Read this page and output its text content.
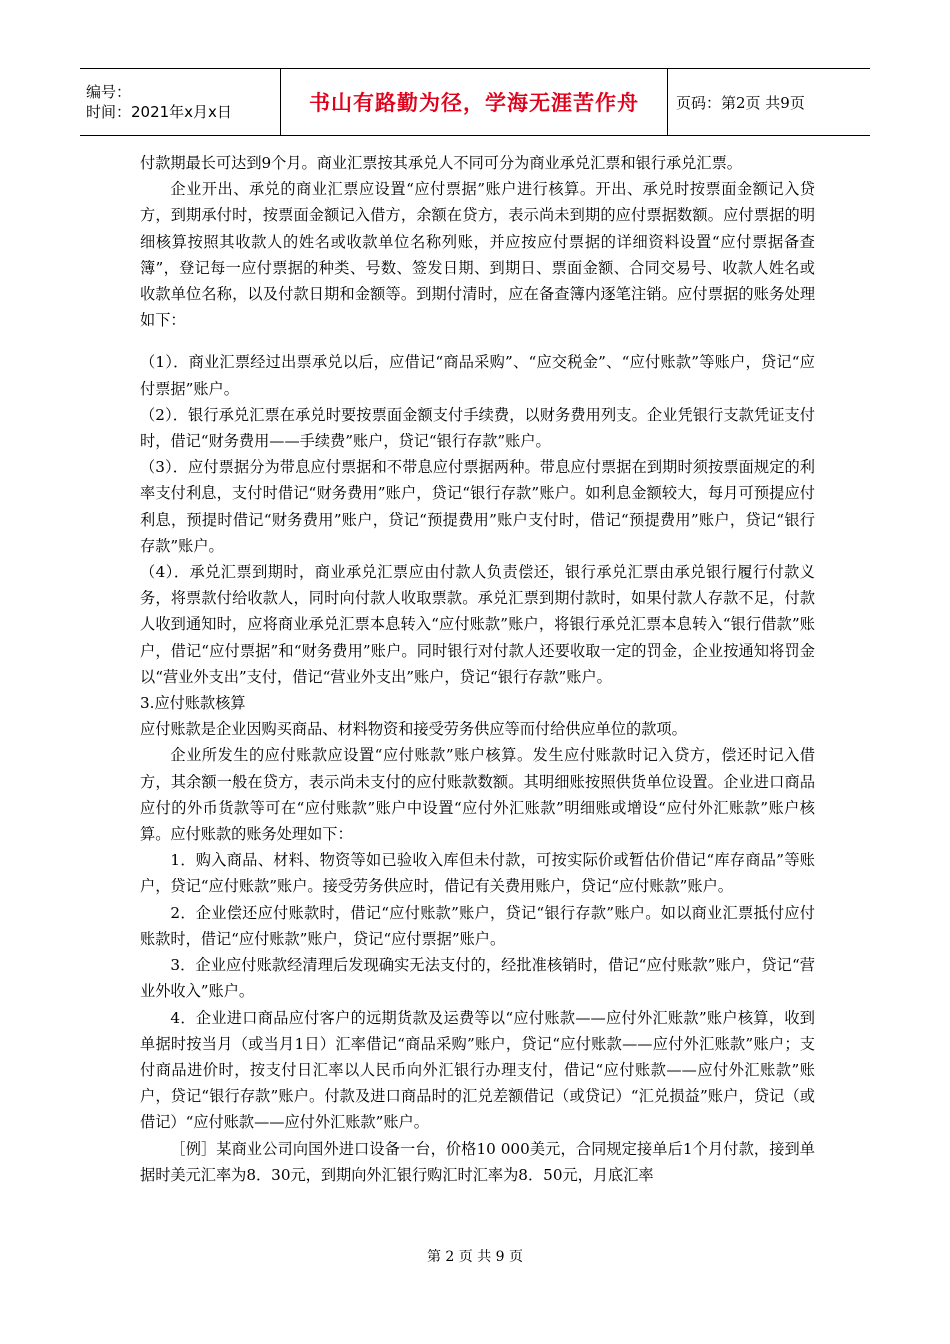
编号：
时间：2021年x月x日	书山有路勤为径，学海无涯苦作舟 页码：第2页 共9页

付款期最长可达到9个月。商业汇票按其承兑人不同可分为商业承兑汇票和银行承兑汇票。

企业开出、承兑的商业汇票应设置“应付票据”账户进行核算。开出、承兑时按票面金额记入贷方，到期承付时，按票面金额记入借方，余额在贷方，表示尚未到期的应付票据数额。应付票据的明细核算按照其收款人的姓名或收款单位名称列账，并应按应付票据的详细资料设置“应付票据备查簿”，登记每一应付票据的种类、号数、签发日期、到期日、票面金额、合同交易号、收款人姓名或收款单位名称，以及付款日期和金额等。到期付清时，应在备查簿内逐笔注销。应付票据的账务处理如下：

（1）．商业汇票经过出票承兑以后，应借记“商品采购”、“应交税金”、“应付账款”等账户，贷记“应付票据”账户。

（2）．银行承兑汇票在承兑时要按票面金额支付手续费，以财务费用列支。企业凭银行支款凭证支付时，借记“财务费用——手续费”账户，贷记“银行存款”账户。

（3）．应付票据分为带息应付票据和不带息应付票据两种。带息应付票据在到期时须按票面规定的利率支付利息，支付时借记“财务费用”账户，贷记“银行存款”账户。如利息金额较大，每月可预提应付利息，预提时借记“财务费用”账户，贷记“预提费用”账户支付时，借记“预提费用”账户，贷记“银行存款”账户。

（4）．承兑汇票到期时，商业承兑汇票应由付款人负责偿还，银行承兑汇票由承兑银行履行付款义务，将票款付给收款人，同时向付款人收取票款。承兑汇票到期付款时，如果付款人存款不足，付款人收到通知时，应将商业承兑汇票本息转入“应付账款”账户，将银行承兑汇票本息转入“银行借款”账户，借记“应付票据”和“财务费用”账户。同时银行对付款人还要收取一定的罚金，企业按通知将罚金以“营业外支出”支付，借记“营业外支出”账户，贷记“银行存款”账户。

3.应付账款核算

应付账款是企业因购买商品、材料物资和接受劳务供应等而付给供应单位的款项。

企业所发生的应付账款应设置“应付账款”账户核算。发生应付账款时记入贷方，偿还时记入借方，其余额一般在贷方，表示尚未支付的应付账款数额。其明细账按照供货单位设置。企业进口商品应付的外币货款等可在“应付账款”账户中设置“应付外汇账款”明细账或增设“应付外汇账款”账户核算。应付账款的账务处理如下：

1．购入商品、材料、物资等如已验收入库但未付款，可按实际价或暂估价借记“库存商品”等账户，贷记“应付账款”账户。接受劳务供应时，借记有关费用账户，贷记“应付账款”账户。

2．企业偿还应付账款时，借记“应付账款”账户，贷记“银行存款”账户。如以商业汇票抵付应付账款时，借记“应付账款”账户，贷记“应付票据”账户。

3．企业应付账款经清理后发现确实无法支付的，经批准核销时，借记“应付账款”账户，贷记“营业外收入”账户。

4．企业进口商品应付客户的远期货款及运费等以“应付账款——应付外汇账款”账户核算，收到单据时按当月（或当月1日）汇率借记“商品采购”账户，贷记“应付账款——应付外汇账款”账户；支付商品进价时，按支付日汇率以人民币向外汇银行办理支付，借记“应付账款——应付外汇账款”账户，贷记“银行存款”账户。付款及进口商品时的汇兑差额借记（或贷记）“汇兑损益”账户，贷记（或借记）“应付账款——应付外汇账款”账户。

［例］某商业公司向国外进口设备一台，价格10 000美元，合同规定接单后1个月付款，接到单据时美元汇率为8．30元，到期向外汇银行购汇时汇率为8．50元，月底汇率

第 2 页 共 9 页
